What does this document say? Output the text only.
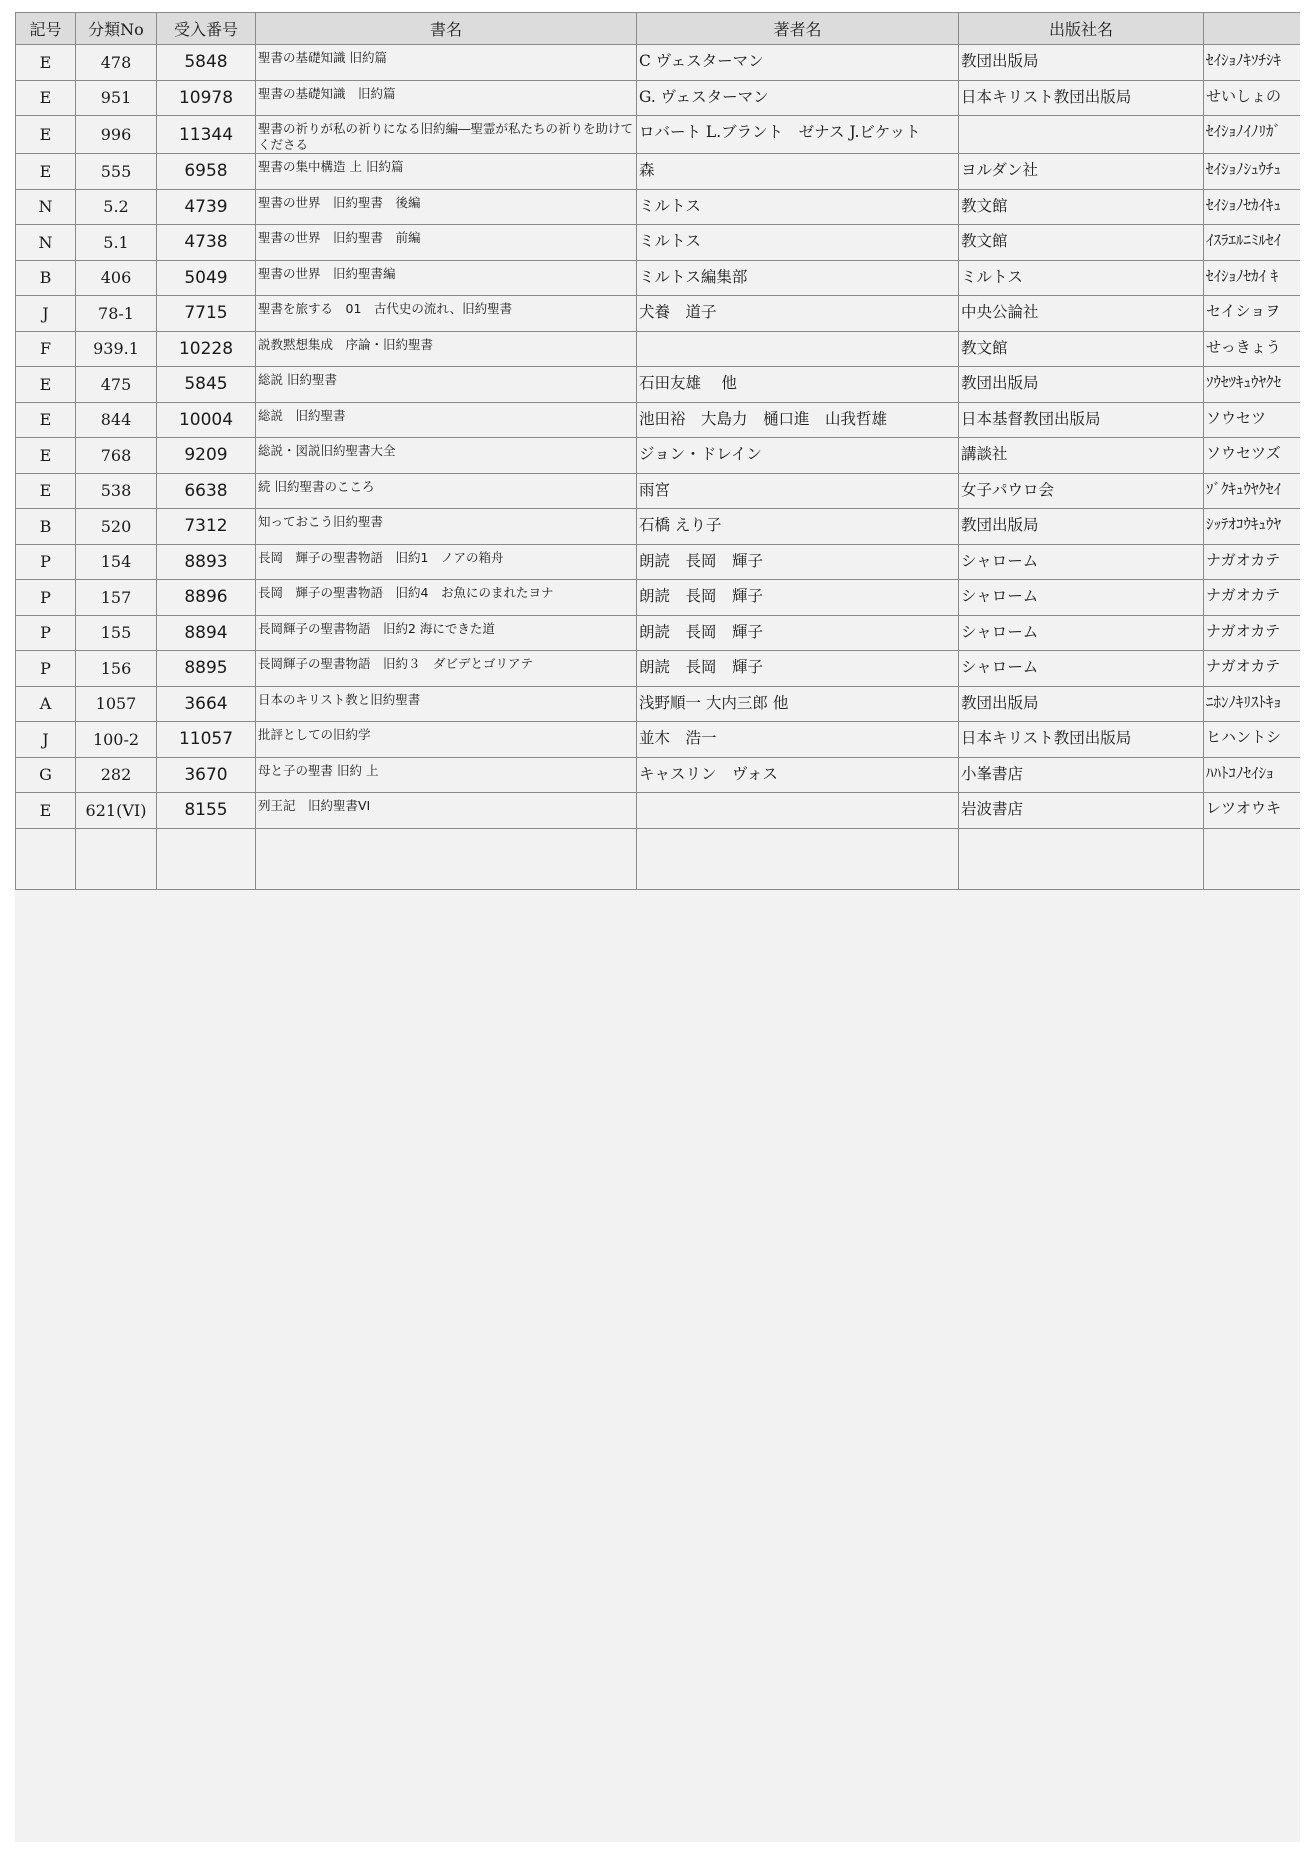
記号	分類No	受入番号	書名	著者名	出版社名	
E	478	5848	聖書の基礎知識 旧約篇	C ヴェスターマン	教団出版局	ｾｲｼｮﾉｷｿﾁｼｷ
E	951	10978	聖書の基礎知識　旧約篇	G. ヴェスターマン	日本キリスト教団出版局	せいしょの
E	996	11344	聖書の祈りが私の祈りになる旧約編―聖霊が私たちの祈りを助けてくださる	ロバート L.ブラント　ゼナス J.ビケット		ｾｲｼｮﾉｲﾉﾘｶﾞ
E	555	6958	聖書の集中構造 上 旧約篇	森	ヨルダン社	ｾｲｼｮﾉｼｭｳﾁｭ
N	5.2	4739	聖書の世界　旧約聖書　後編	ミルトス	教文館	ｾｲｼｮﾉｾｶｲｷｭ
N	5.1	4738	聖書の世界　旧約聖書　前編	ミルトス	教文館	ｲｽﾗｴﾙﾆﾐﾙｾｲ
B	406	5049	聖書の世界　旧約聖書編	ミルトス編集部	ミルトス	ｾｲｼｮﾉｾｶｲ ｷ
J	78-1	7715	聖書を旅する　01　古代史の流れ、旧約聖書	犬養　道子	中央公論社	セイショヲ
F	939.1	10228	説教黙想集成　序論・旧約聖書		教文館	せっきょう
E	475	5845	総説 旧約聖書	石田友雄　 他	教団出版局	ｿｳｾﾂｷｭｳﾔｸｾ
E	844	10004	総説　旧約聖書	池田裕　大島力　樋口進　山我哲雄	日本基督教団出版局	ソウセツ
E	768	9209	総説・図説旧約聖書大全	ジョン・ドレイン	講談社	ソウセツズ
E	538	6638	続 旧約聖書のこころ	雨宮	女子パウロ会	ｿﾞｸｷｭｳﾔｸｾｲ
B	520	7312	知っておこう旧約聖書	石橋 えり子	教団出版局	ｼｯﾃｵｺｳｷｭｳﾔ
P	154	8893	長岡　輝子の聖書物語　旧約1　ノアの箱舟	朗読　長岡　輝子	シャローム	ナガオカテ
P	157	8896	長岡　輝子の聖書物語　旧約4　お魚にのまれたヨナ	朗読　長岡　輝子	シャローム	ナガオカテ
P	155	8894	長岡輝子の聖書物語　旧約2 海にできた道	朗読　長岡　輝子	シャローム	ナガオカテ
P	156	8895	長岡輝子の聖書物語　旧約３　ダビデとゴリアテ	朗読　長岡　輝子	シャローム	ナガオカテ
A	1057	3664	日本のキリスト教と旧約聖書	浅野順一 大内三郎 他	教団出版局	ﾆﾎﾝﾉｷﾘｽﾄｷｮ
J	100-2	11057	批評としての旧約学	並木　浩一	日本キリスト教団出版局	ヒハントシ
G	282	3670	母と子の聖書 旧約 上	キャスリン　ヴォス	小峯書店	ﾊﾊﾄｺﾉｾｲｼｮ
E	621(VI)	8155	列王記　旧約聖書VI		岩波書店	レツオウキ
